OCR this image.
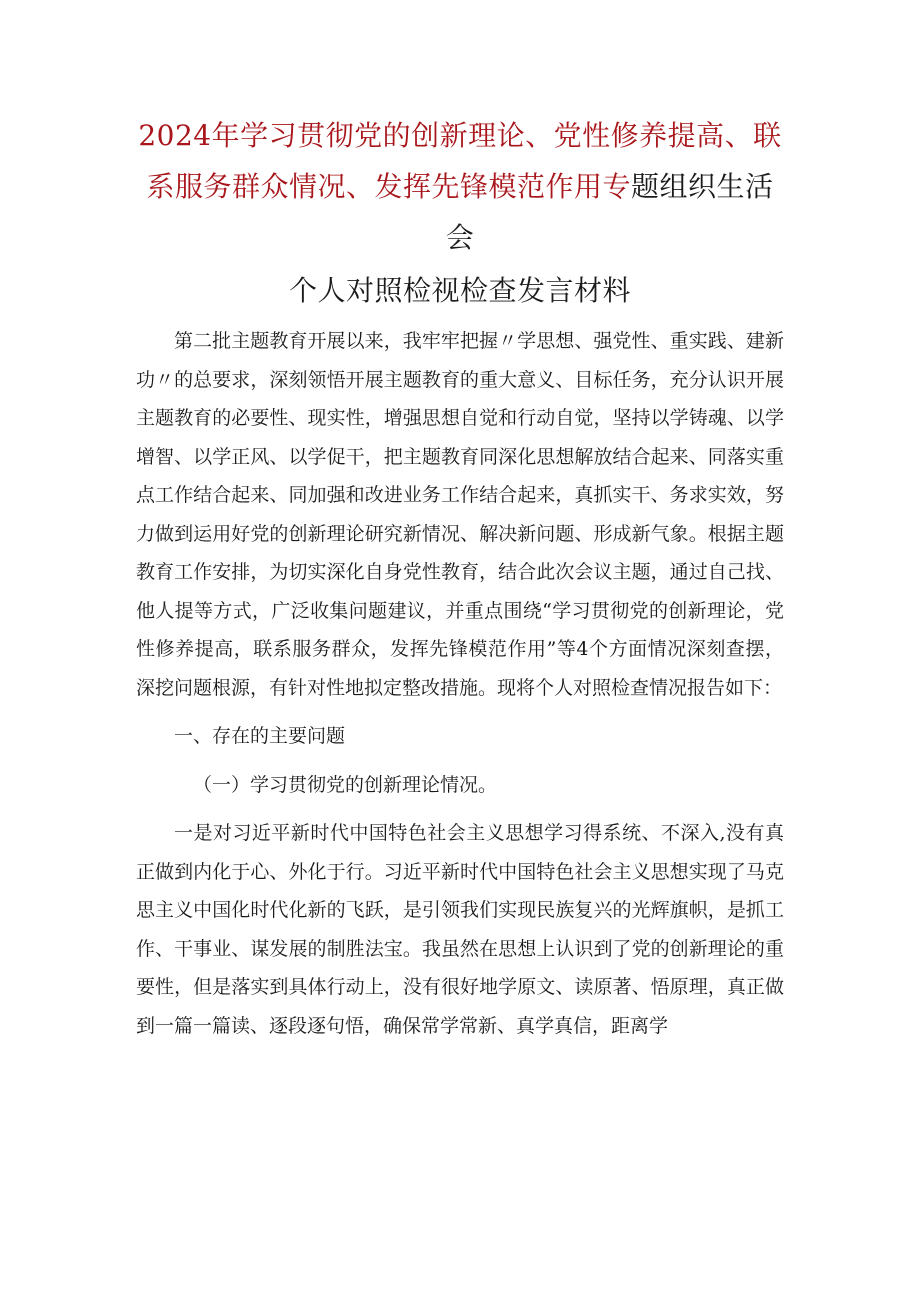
2024年学习贯彻党的创新理论、党性修养提高、联系服务群众情况、发挥先锋模范作用专题组织生活会
个人对照检视检查发言材料

第二批主题教育开展以来，我牢牢把握〃学思想、强党性、重实践、建新功〃的总要求，深刻领悟开展主题教育的重大意义、目标任务，充分认识开展主题教育的必要性、现实性，增强思想自觉和行动自觉，坚持以学铸魂、以学增智、以学正风、以学促干，把主题教育同深化思想解放结合起来、同落实重点工作结合起来、同加强和改进业务工作结合起来，真抓实干、务求实效，努力做到运用好党的创新理论研究新情况、解决新问题、形成新气象。根据主题教育工作安排，为切实深化自身党性教育，结合此次会议主题，通过自己找、他人提等方式，广泛收集问题建议，并重点围绕“学习贯彻党的创新理论，党性修养提高，联系服务群众，发挥先锋模范作用”等4个方面情况深刻查摆，深挖问题根源，有针对性地拟定整改措施。现将个人对照检查情况报告如下：

一、存在的主要问题

（一）学习贯彻党的创新理论情况。

一是对习近平新时代中国特色社会主义思想学习得系统、不深入,没有真正做到内化于心、外化于行。习近平新时代中国特色社会主义思想实现了马克思主义中国化时代化新的飞跃，是引领我们实现民族复兴的光辉旗帜，是抓工作、干事业、谋发展的制胜法宝。我虽然在思想上认识到了党的创新理论的重要性，但是落实到具体行动上，没有很好地学原文、读原著、悟原理，真正做到一篇一篇读、逐段逐句悟，确保常学常新、真学真信，距离学
